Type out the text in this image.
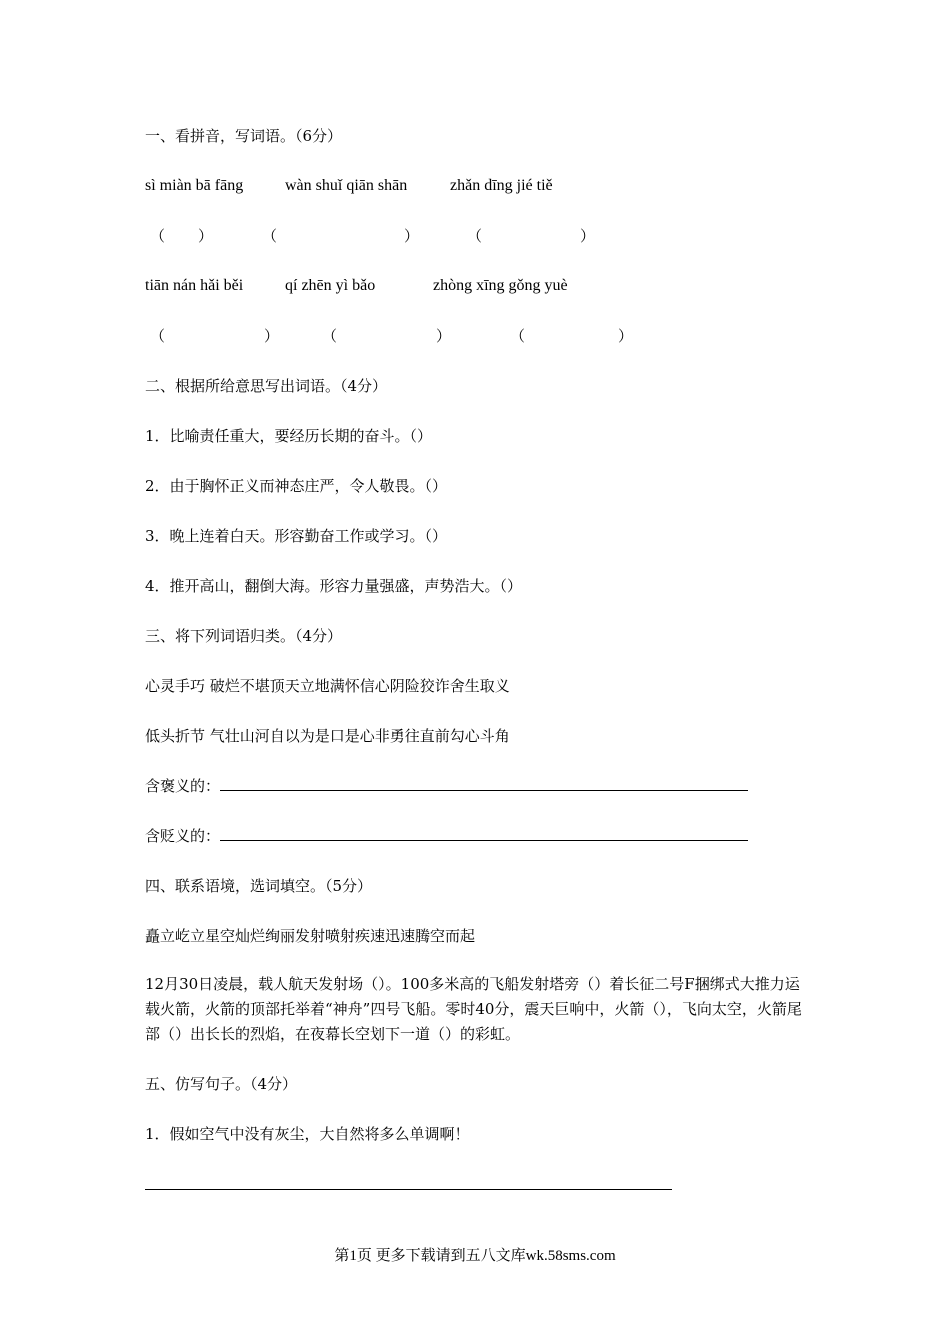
一、看拼音，写词语。（6分）

sì miàn bā fāng	wàn shuǐ qiān shān	zhǎn dīng jié tiě

（ ）	（	）	（	）

tiān nán hǎi běi	qí zhēn yì bǎo	zhòng xīng gǒng yuè

（	）	（	）	（	）

二、根据所给意思写出词语。（4分）

1．比喻责任重大，要经历长期的奋斗。（）

2．由于胸怀正义而神态庄严，令人敬畏。（）

3．晚上连着白天。形容勤奋工作或学习。（）

4．推开高山，翻倒大海。形容力量强盛，声势浩大。（）

三、将下列词语归类。（4分）

心灵手巧 破烂不堪顶天立地满怀信心阴险狡诈舍生取义

低头折节 气壮山河自以为是口是心非勇往直前勾心斗角

含褒义的：

含贬义的：

四、联系语境，选词填空。（5分）

矗立屹立星空灿烂绚丽发射喷射疾速迅速腾空而起

12月30日凌晨，载人航天发射场（）。100多米高的飞船发射塔旁（）着长征二号F捆绑式大推力运载火箭，火箭的顶部托举着“神舟”四号飞船。零时40分，震天巨响中，火箭（），飞向太空，火箭尾部（）出长长的烈焰，在夜幕长空划下一道（）的彩虹。

五、仿写句子。（4分）

1．假如空气中没有灰尘，大自然将多么单调啊！

第1页 更多下载请到五八文库wk.58sms.com
